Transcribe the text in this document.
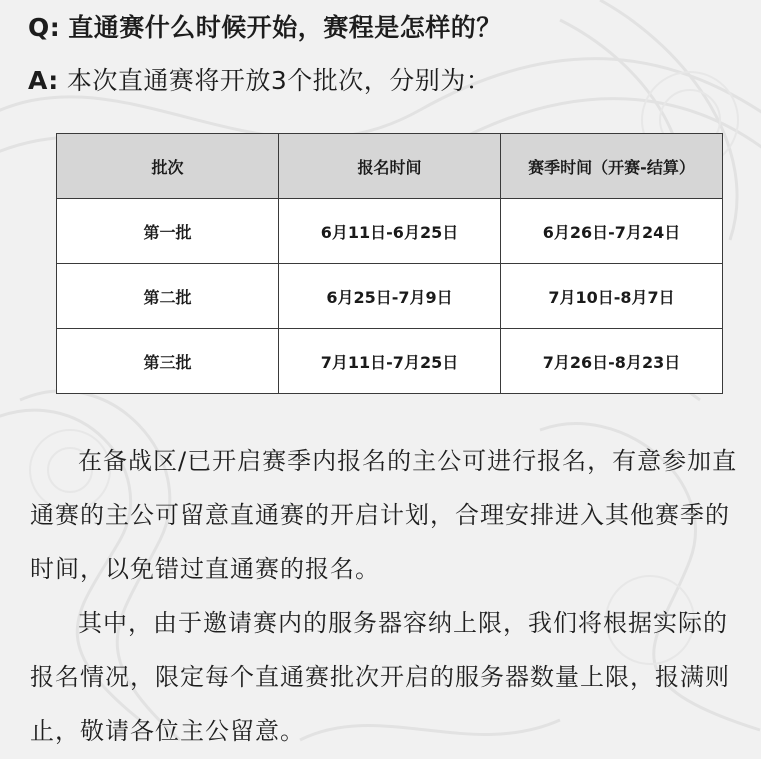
Q: 直通赛什么时候开始，赛程是怎样的？
A: 本次直通赛将开放3个批次，分别为：
批次	报名时间	赛季时间（开赛-结算）
第一批	6月11日-6月25日	6月26日-7月24日
第二批	6月25日-7月9日	7月10日-8月7日
第三批	7月11日-7月25日	7月26日-8月23日

在备战区/已开启赛季内报名的主公可进行报名，有意参加直通赛的主公可留意直通赛的开启计划，合理安排进入其他赛季的时间，以免错过直通赛的报名。

其中，由于邀请赛内的服务器容纳上限，我们将根据实际的报名情况，限定每个直通赛批次开启的服务器数量上限，报满则止，敬请各位主公留意。
